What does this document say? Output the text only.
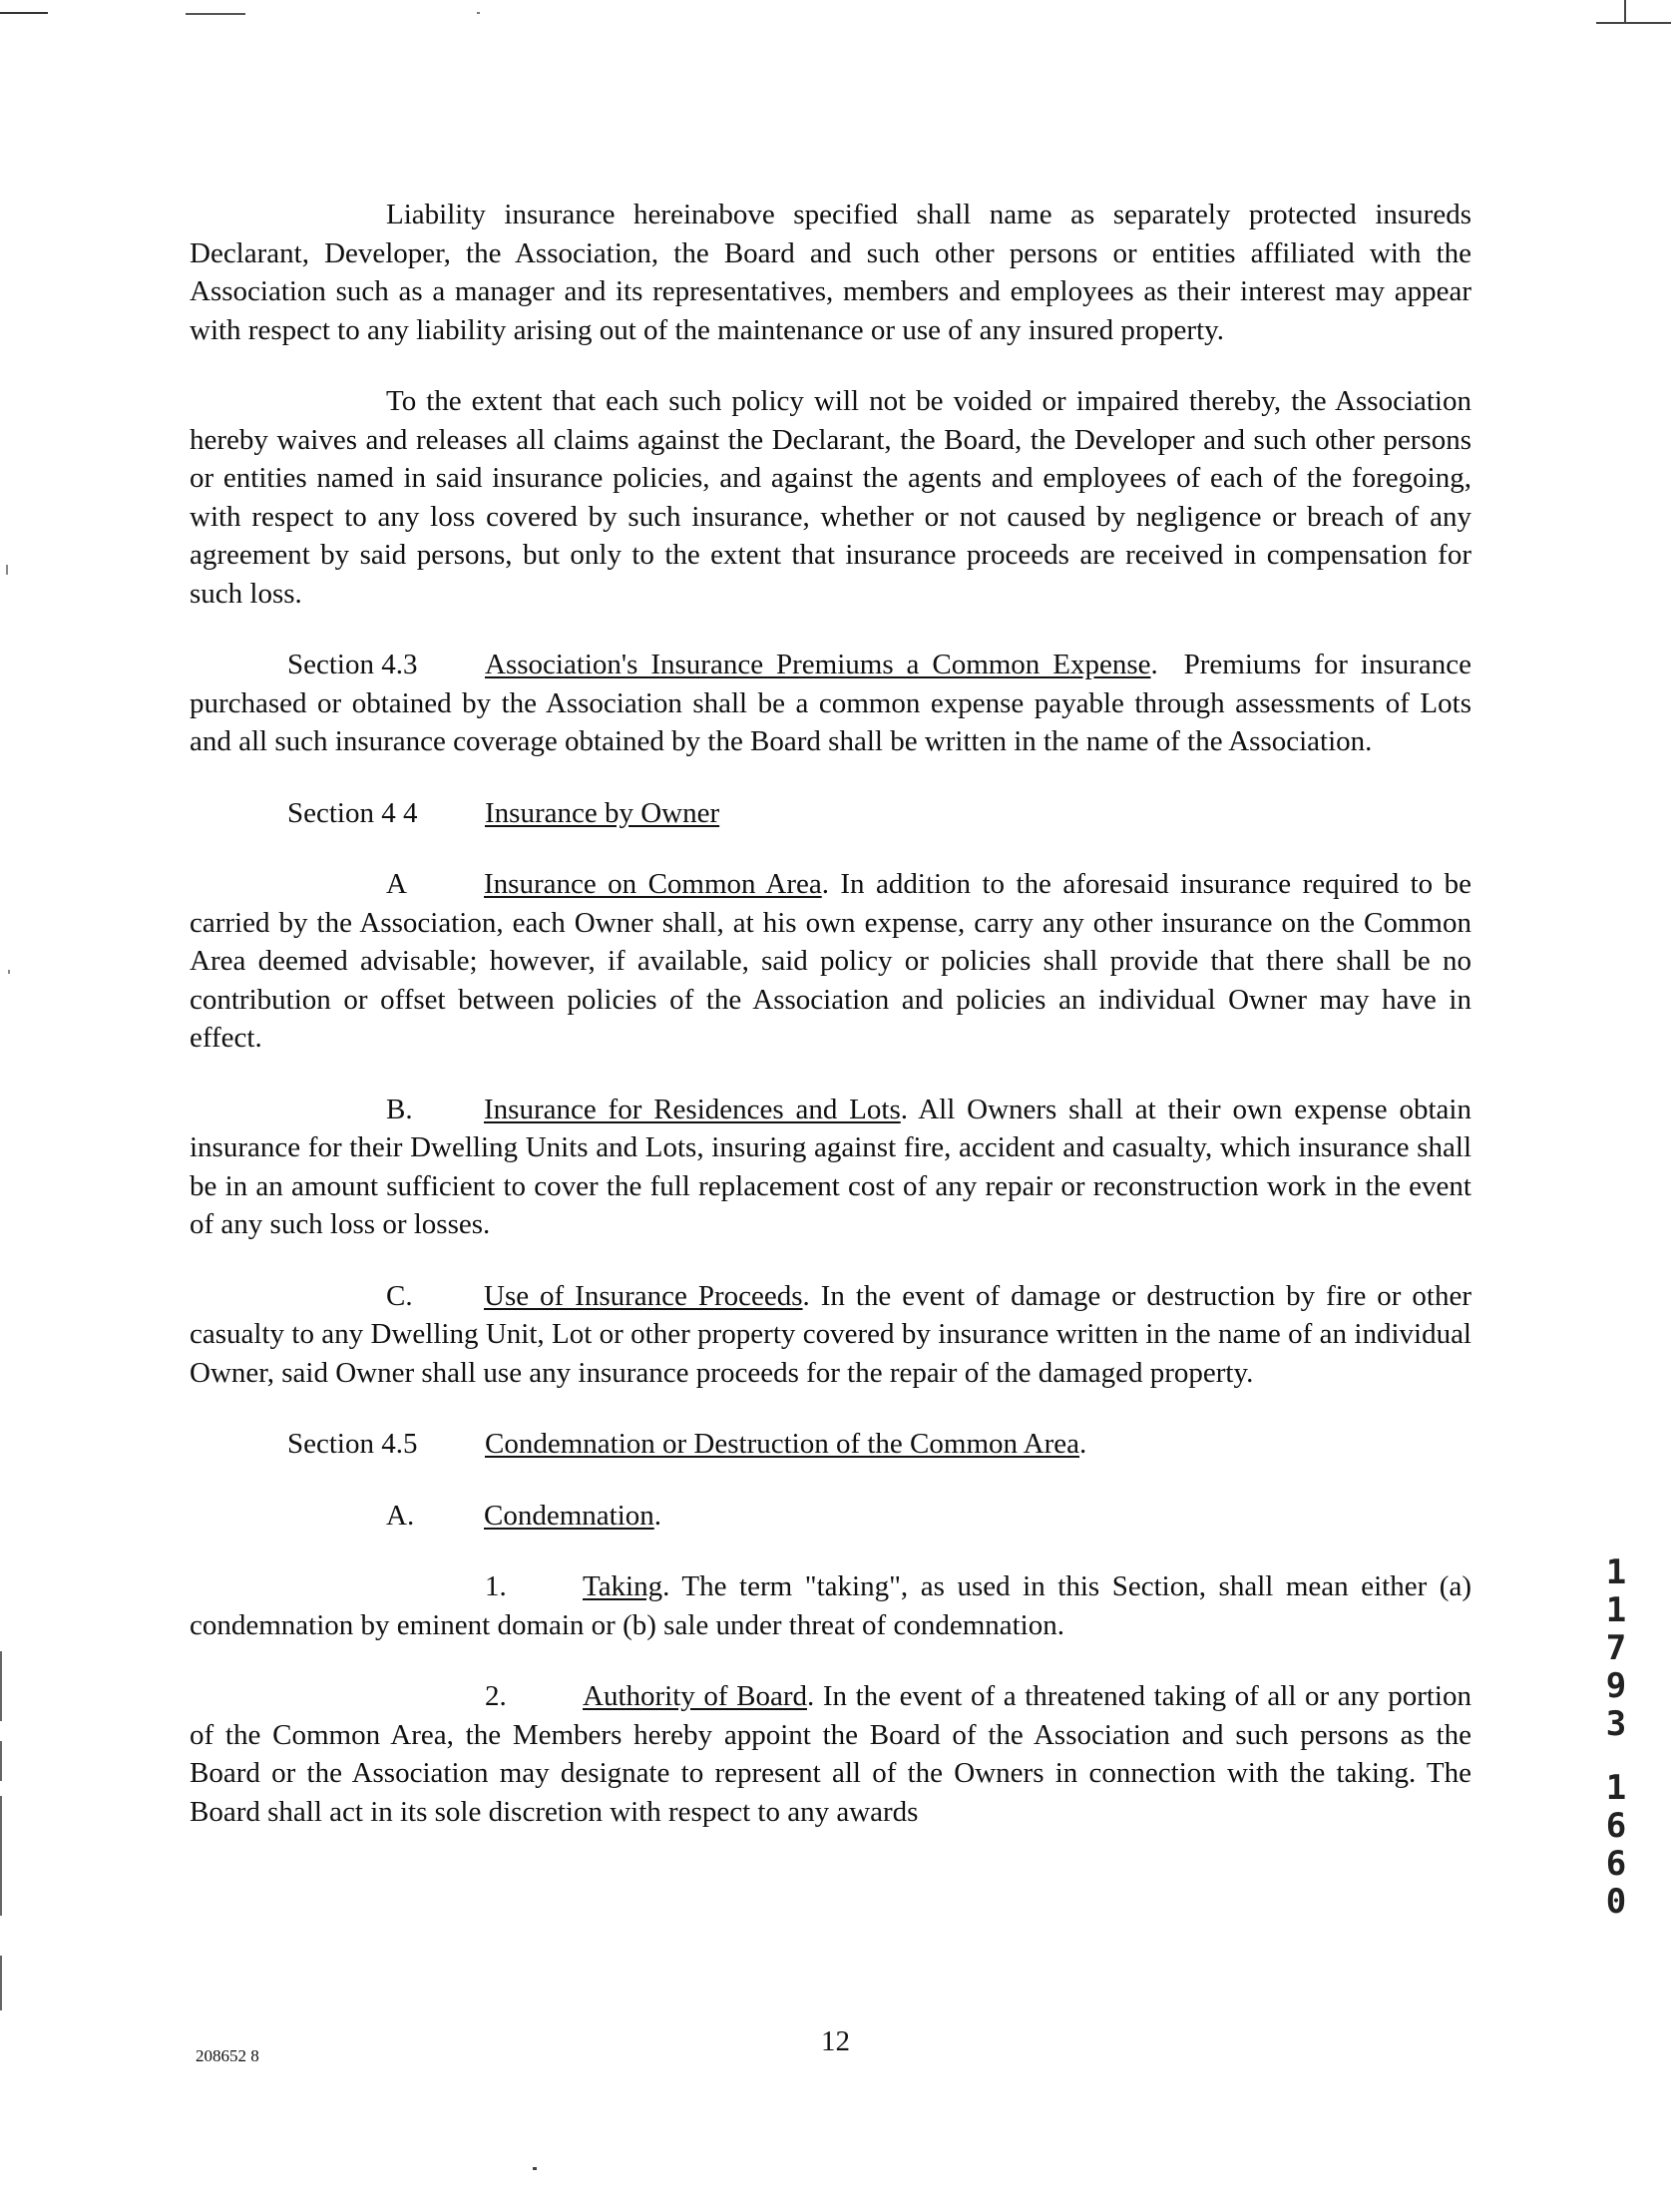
Liability insurance hereinabove specified shall name as separately protected insureds Declarant, Developer, the Association, the Board and such other persons or entities affiliated with the Association such as a manager and its representatives, members and employees as their interest may appear with respect to any liability arising out of the maintenance or use of any insured property.

To the extent that each such policy will not be voided or impaired thereby, the Association hereby waives and releases all claims against the Declarant, the Board, the Developer and such other persons or entities named in said insurance policies, and against the agents and employees of each of the foregoing, with respect to any loss covered by such insurance, whether or not caused by negligence or breach of any agreement by said persons, but only to the extent that insurance proceeds are received in compensation for such loss.

Section 4.3 Association's Insurance Premiums a Common Expense. Premiums for insurance purchased or obtained by the Association shall be a common expense payable through assessments of Lots and all such insurance coverage obtained by the Board shall be written in the name of the Association.

Section 4 4 Insurance by Owner

A	Insurance on Common Area. In addition to the aforesaid insurance required to be carried by the Association, each Owner shall, at his own expense, carry any other insurance on the Common Area deemed advisable; however, if available, said policy or policies shall provide that there shall be no contribution or offset between policies of the Association and policies an individual Owner may have in effect.

B. Insurance for Residences and Lots. All Owners shall at their own expense obtain insurance for their Dwelling Units and Lots, insuring against fire, accident and casualty, which insurance shall be in an amount sufficient to cover the full replacement cost of any repair or reconstruction work in the event of any such loss or losses.

C. Use of Insurance Proceeds. In the event of damage or destruction by fire or other casualty to any Dwelling Unit, Lot or other property covered by insurance written in the name of an individual Owner, said Owner shall use any insurance proceeds for the repair of the damaged property.

Section 4.5 Condemnation or Destruction of the Common Area.
A. Condemnation.

1.	Taking. The term "taking", as used in this Section, shall mean either (a) condemnation by eminent domain or (b) sale under threat of condemnation.

2.	Authority of Board. In the event of a threatened taking of all or any portion of the Common Area, the Members hereby appoint the Board of the Association and such persons as the Board or the Association may designate to represent all of the Owners in connection with the taking. The Board shall act in its sole discretion with respect to any awards

1
1
7
9
3
1
6
6
0
208652 8	12
